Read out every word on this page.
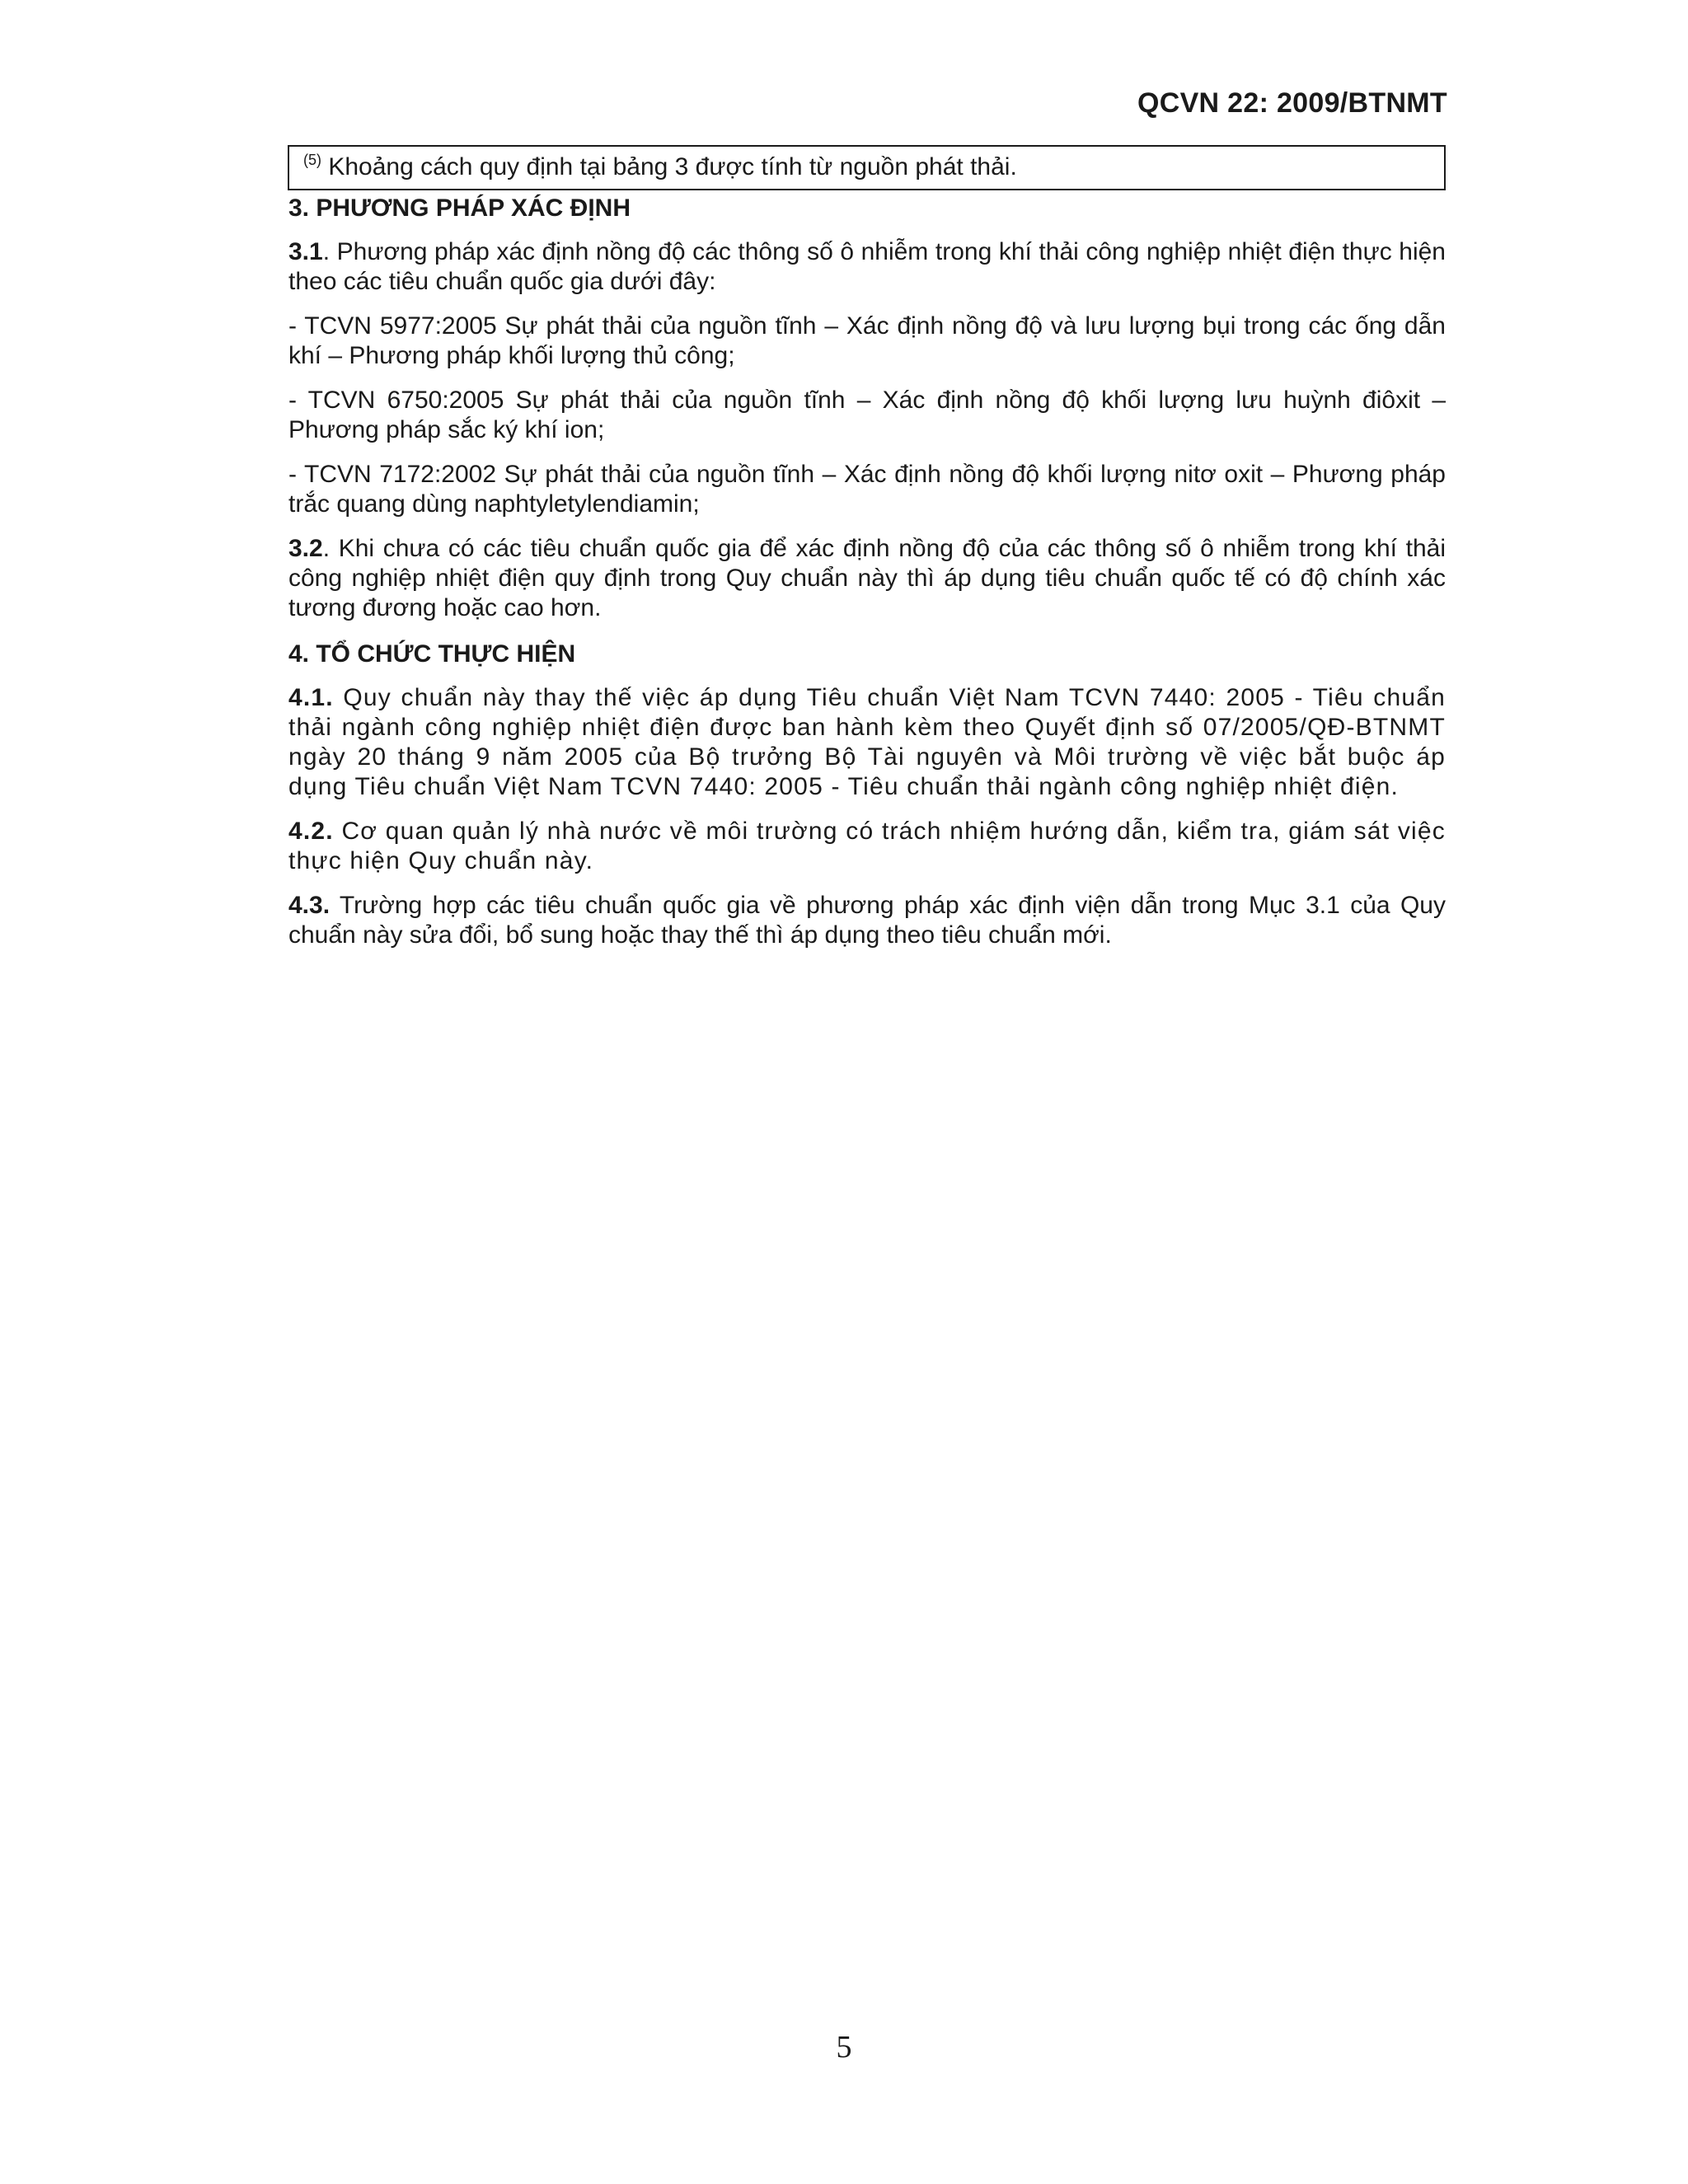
QCVN 22: 2009/BTNMT
$^{(5)}$ Khoảng cách quy định tại bảng 3 được tính từ nguồn phát thải.
3. PHƯƠNG PHÁP XÁC ĐỊNH

3.1. Phương pháp xác định nồng độ các thông số ô nhiễm trong khí thải công nghiệp nhiệt điện thực hiện theo các tiêu chuẩn quốc gia dưới đây:

- TCVN 5977:2005 Sự phát thải của nguồn tĩnh – Xác định nồng độ và lưu lượng bụi trong các ống dẫn khí – Phương pháp khối lượng thủ công;

- TCVN 6750:2005 Sự phát thải của nguồn tĩnh – Xác định nồng độ khối lượng lưu huỳnh điôxit – Phương pháp sắc ký khí ion;

- TCVN 7172:2002 Sự phát thải của nguồn tĩnh – Xác định nồng độ khối lượng nitơ oxit – Phương pháp trắc quang dùng naphtyletylendiamin;

3.2. Khi chưa có các tiêu chuẩn quốc gia để xác định nồng độ của các thông số ô nhiễm trong khí thải công nghiệp nhiệt điện quy định trong Quy chuẩn này thì áp dụng tiêu chuẩn quốc tế có độ chính xác tương đương hoặc cao hơn.

4. TỔ CHỨC THỰC HIỆN

4.1. Quy chuẩn này thay thế việc áp dụng Tiêu chuẩn Việt Nam TCVN 7440: 2005 - Tiêu chuẩn thải ngành công nghiệp nhiệt điện được ban hành kèm theo Quyết định số 07/2005/QĐ-BTNMT ngày 20 tháng 9 năm 2005 của Bộ trưởng Bộ Tài nguyên và Môi trường về việc bắt buộc áp dụng Tiêu chuẩn Việt Nam TCVN 7440: 2005 - Tiêu chuẩn thải ngành công nghiệp nhiệt điện.

4.2. Cơ quan quản lý nhà nước về môi trường có trách nhiệm hướng dẫn, kiểm tra, giám sát việc thực hiện Quy chuẩn này.

4.3. Trường hợp các tiêu chuẩn quốc gia về phương pháp xác định viện dẫn trong Mục 3.1 của Quy chuẩn này sửa đổi, bổ sung hoặc thay thế thì áp dụng theo tiêu chuẩn mới.

5
